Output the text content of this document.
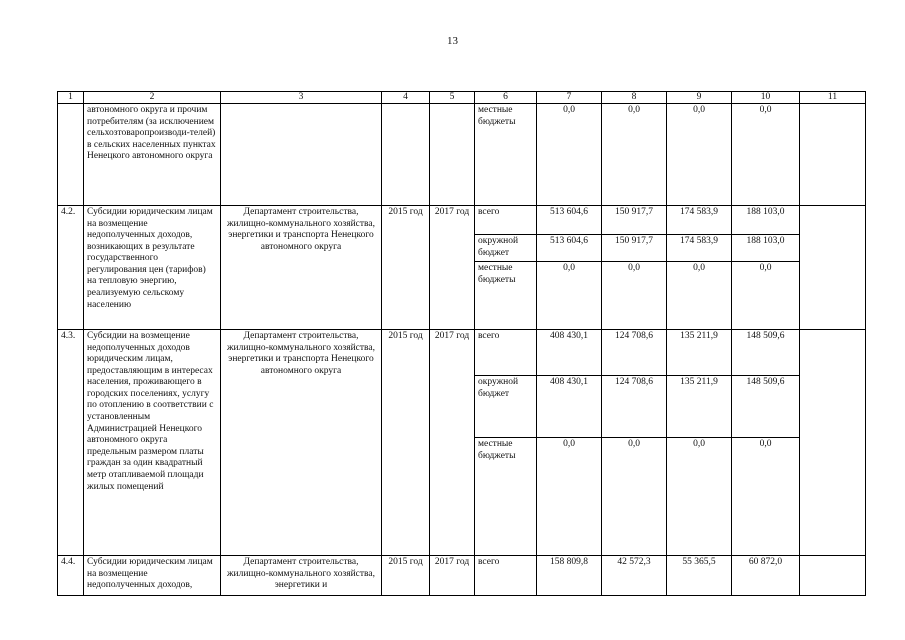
13
1	2	3	4	5	6	7	8	9	10	11
	автономного округа и прочим потребителям (за исключением сельхозтоваропроизводи-телей) в сельских населенных пунктах Ненецкого автономного округа				местные бюджеты	0,0	0,0	0,0	0,0	
4.2.	Субсидии юридическим лицам на возмещение недополученных доходов, возникающих в результате государственного регулирования цен (тарифов) на тепловую энергию, реализуемую сельскому населению	Департамент строительства, жилищно-коммунального хозяйства, энергетики и транспорта Ненецкого автономного округа	2015 год	2017 год	всего	513 604,6	150 917,7	174 583,9	188 103,0	
					окружной бюджет	513 604,6	150 917,7	174 583,9	188 103,0	
					местные бюджеты	0,0	0,0	0,0	0,0	
4.3.	Субсидии на возмещение недополученных доходов юридическим лицам, предоставляющим в интересах населения, проживающего в городских поселениях, услугу по отоплению в соответствии с установленным Администрацией Ненецкого автономного округа предельным размером платы граждан за один квадратный метр отапливаемой площади жилых помещений	Департамент строительства, жилищно-коммунального хозяйства, энергетики и транспорта Ненецкого автономного округа	2015 год	2017 год	всего	408 430,1	124 708,6	135 211,9	148 509,6	
					окружной бюджет	408 430,1	124 708,6	135 211,9	148 509,6	
					местные бюджеты	0,0	0,0	0,0	0,0	
4.4.	Субсидии юридическим лицам на возмещение недополученных доходов,	Департамент строительства, жилищно-коммунального хозяйства, энергетики и	2015 год	2017 год	всего	158 809,8	42 572,3	55 365,5	60 872,0	
